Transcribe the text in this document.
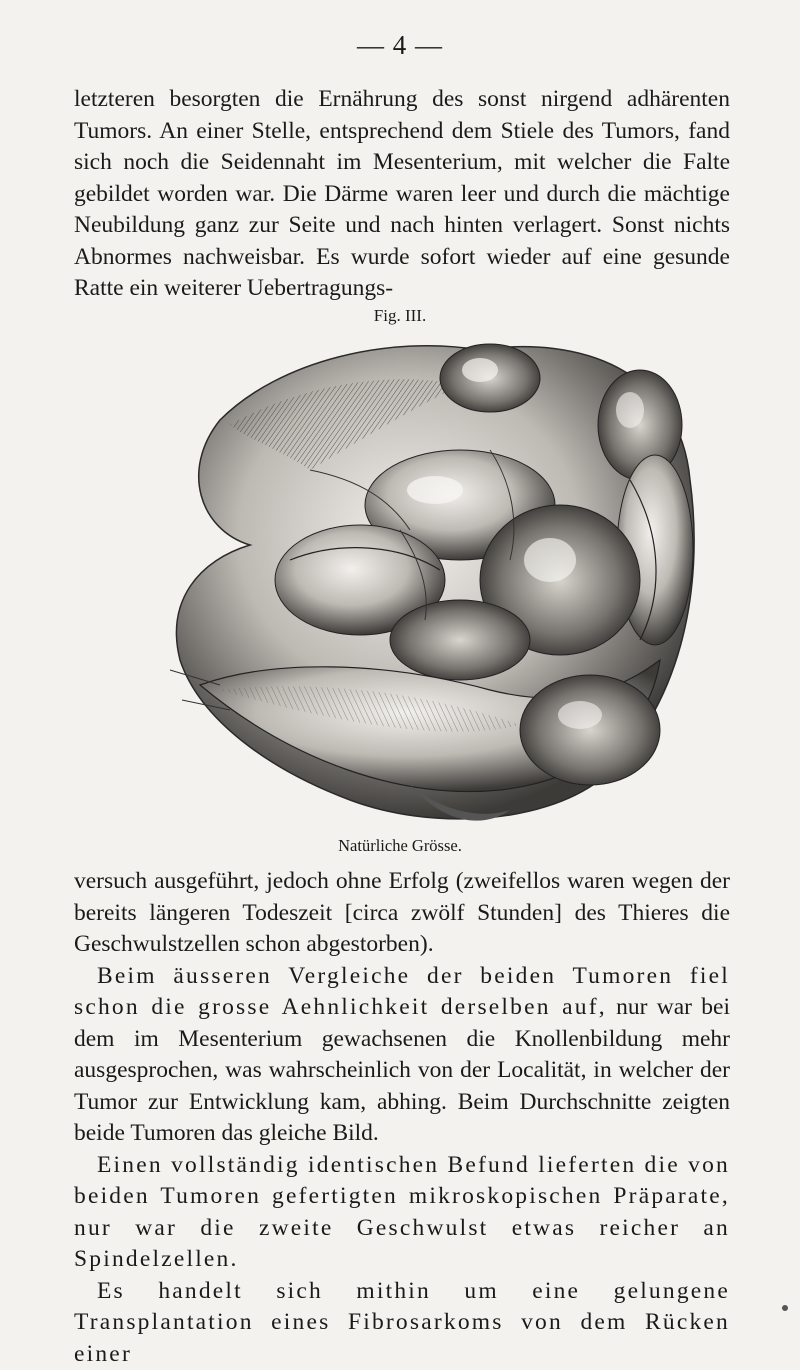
— 4 —

letzteren besorgten die Ernährung des sonst nirgend adhärenten Tumors. An einer Stelle, entsprechend dem Stiele des Tumors, fand sich noch die Seidennaht im Mesenterium, mit welcher die Falte gebildet worden war. Die Därme waren leer und durch die mächtige Neubildung ganz zur Seite und nach hinten verlagert. Sonst nichts Abnormes nachweisbar. Es wurde sofort wieder auf eine gesunde Ratte ein weiterer Uebertragungs-

Fig. III.
Natürliche Grösse.

versuch ausgeführt, jedoch ohne Erfolg (zweifellos waren wegen der bereits längeren Todeszeit [circa zwölf Stunden] des Thieres die Geschwulstzellen schon abgestorben).

Beim äusseren Vergleiche der beiden Tumoren fiel schon die grosse Aehnlichkeit derselben auf, nur war bei dem im Mesenterium gewachsenen die Knollenbildung mehr ausgesprochen, was wahrscheinlich von der Localität, in welcher der Tumor zur Entwicklung kam, abhing. Beim Durchschnitte zeigten beide Tumoren das gleiche Bild.

Einen vollständig identischen Befund lieferten die von beiden Tumoren gefertigten mikroskopischen Präparate, nur war die zweite Geschwulst etwas reicher an Spindelzellen.

Es handelt sich mithin um eine gelungene Transplantation eines Fibrosarkoms von dem Rücken einer
